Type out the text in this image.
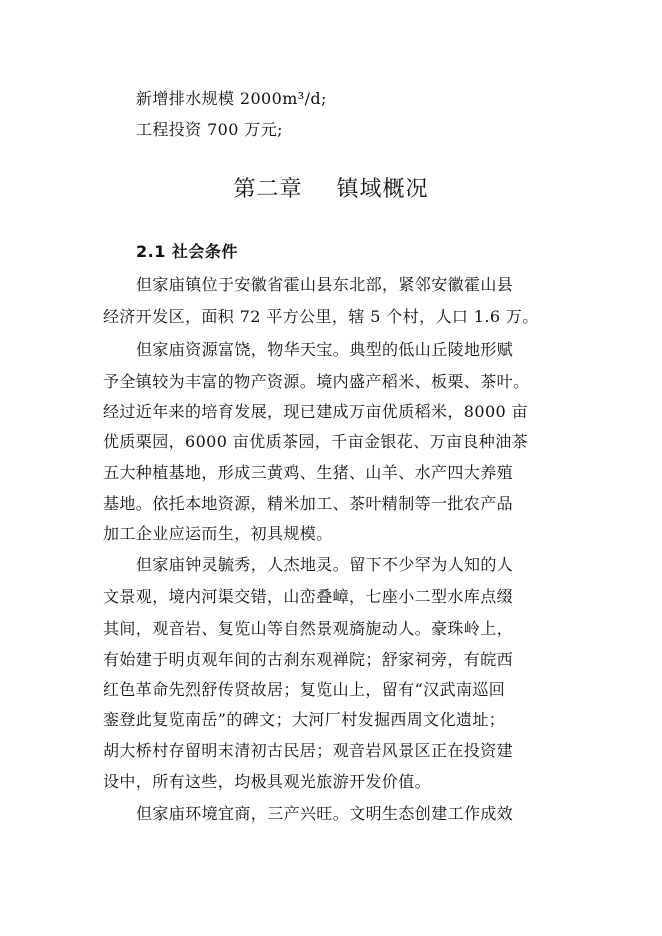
新增排水规模 2000m³/d;
工程投资 700 万元;
第二章 镇域概况
2.1 社会条件
但家庙镇位于安徽省霍山县东北部，紧邻安徽霍山县
经济开发区，面积 72 平方公里，辖 5 个村，人口 1.6 万。
但家庙资源富饶，物华天宝。典型的低山丘陵地形赋
予全镇较为丰富的物产资源。境内盛产稻米、板栗、茶叶。
经过近年来的培育发展，现已建成万亩优质稻米，8000 亩
优质栗园，6000 亩优质茶园，千亩金银花、万亩良种油茶
五大种植基地，形成三黄鸡、生猪、山羊、水产四大养殖
基地。依托本地资源，精米加工、茶叶精制等一批农产品
加工企业应运而生，初具规模。
但家庙钟灵毓秀，人杰地灵。留下不少罕为人知的人
文景观，境内河渠交错，山峦叠嶂，七座小二型水库点缀
其间，观音岩、复览山等自然景观旖旎动人。豪珠岭上，
有始建于明贞观年间的古刹东观禅院；舒家祠旁，有皖西
红色革命先烈舒传贤故居；复览山上，留有“汉武南巡回
銮登此复览南岳”的碑文；大河厂村发掘西周文化遗址；
胡大桥村存留明末清初古民居；观音岩风景区正在投资建
设中，所有这些，均极具观光旅游开发价值。
但家庙环境宜商，三产兴旺。文明生态创建工作成效
